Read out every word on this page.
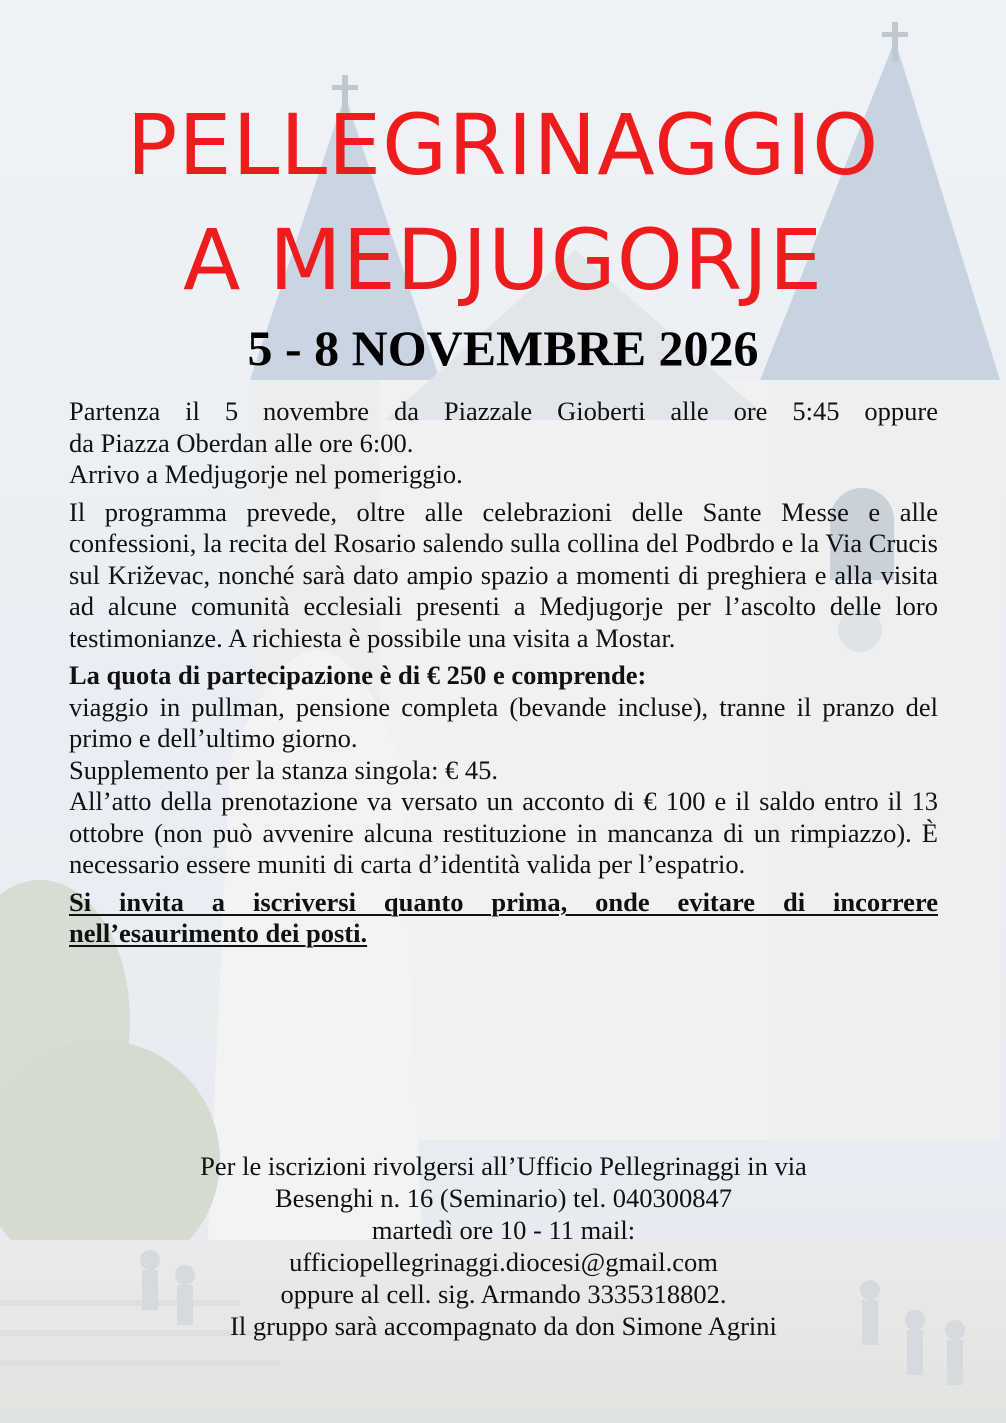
PELLEGRINAGGIO
A MEDJUGORJE
5 - 8 NOVEMBRE 2026

Partenza il 5 novembre da Piazzale Gioberti alle ore 5:45 oppure

da Piazza Oberdan alle ore 6:00.

Arrivo a Medjugorje nel pomeriggio.

Il programma prevede, oltre alle celebrazioni delle Sante Messe e alle confessioni, la recita del Rosario salendo sulla collina del Podbrdo e la Via Crucis sul Križevac, nonché sarà dato ampio spazio a momenti di preghiera e alla visita ad alcune comunità ecclesiali presenti a Medjugorje per l’ascolto delle loro testimonianze. A richiesta è possibile una visita a Mostar.

La quota di partecipazione è di € 250 e comprende:

viaggio in pullman, pensione completa (bevande incluse), tranne il pranzo del primo e dell’ultimo giorno.

Supplemento per la stanza singola: € 45.

All’atto della prenotazione va versato un acconto di € 100 e il saldo entro il 13 ottobre (non può avvenire alcuna restituzione in mancanza di un rimpiazzo). È necessario essere muniti di carta d’identità valida per l’espatrio.

Si invita a iscriversi quanto prima, onde evitare di incorrere nell’esaurimento dei posti.

Per le iscrizioni rivolgersi all’Ufficio Pellegrinaggi in via
Besenghi n. 16 (Seminario) tel. 040300847
martedì ore 10 - 11 mail:
ufficiopellegrinaggi.diocesi@gmail.com
oppure al cell. sig. Armando 3335318802.
Il gruppo sarà accompagnato da don Simone Agrini
